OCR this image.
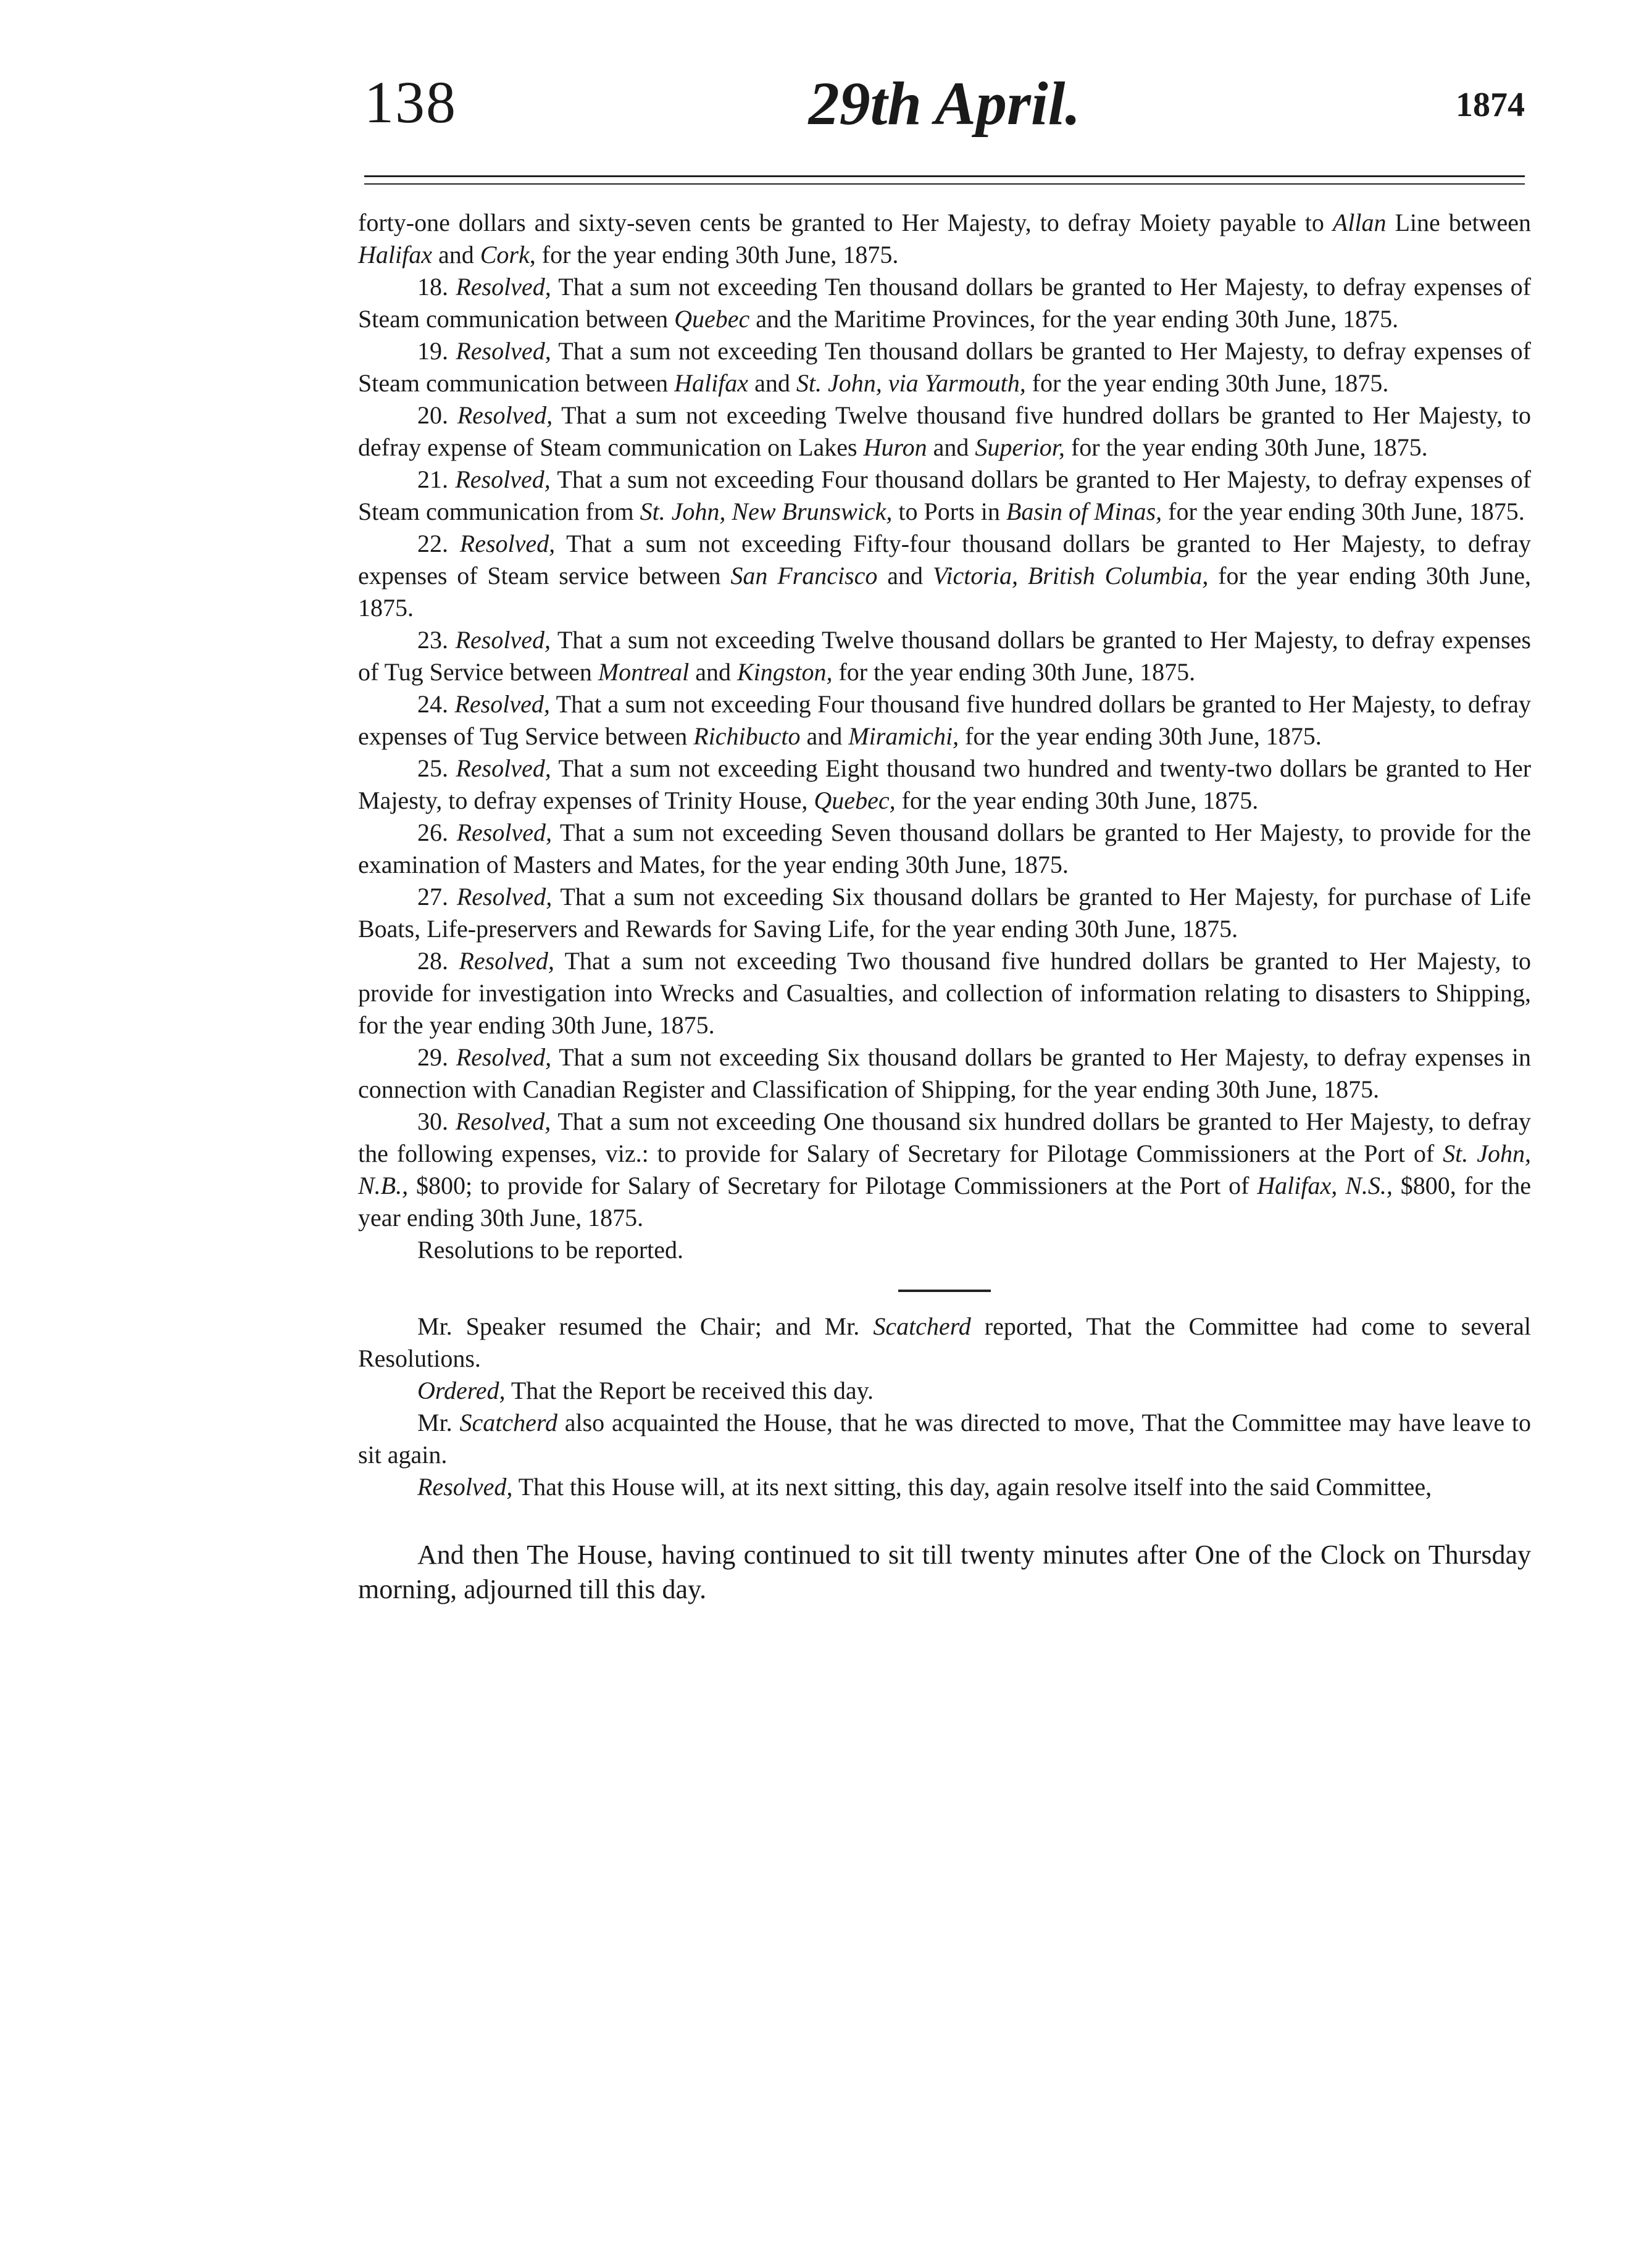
138	29th April.	1874

forty-one dollars and sixty-seven cents be granted to Her Majesty, to defray Moiety payable to Allan Line between Halifax and Cork, for the year ending 30th June, 1875.

18. Resolved, That a sum not exceeding Ten thousand dollars be granted to Her Majesty, to defray expenses of Steam communication between Quebec and the Maritime Provinces, for the year ending 30th June, 1875.

19. Resolved, That a sum not exceeding Ten thousand dollars be granted to Her Majesty, to defray expenses of Steam communication between Halifax and St. John, via Yarmouth, for the year ending 30th June, 1875.

20. Resolved, That a sum not exceeding Twelve thousand five hundred dollars be granted to Her Majesty, to defray expense of Steam communication on Lakes Huron and Superior, for the year ending 30th June, 1875.

21. Resolved, That a sum not exceeding Four thousand dollars be granted to Her Majesty, to defray expenses of Steam communication from St. John, New Brunswick, to Ports in Basin of Minas, for the year ending 30th June, 1875.

22. Resolved, That a sum not exceeding Fifty-four thousand dollars be granted to Her Majesty, to defray expenses of Steam service between San Francisco and Victoria, British Columbia, for the year ending 30th June, 1875.

23. Resolved, That a sum not exceeding Twelve thousand dollars be granted to Her Majesty, to defray expenses of Tug Service between Montreal and Kingston, for the year ending 30th June, 1875.

24. Resolved, That a sum not exceeding Four thousand five hundred dollars be granted to Her Majesty, to defray expenses of Tug Service between Richibucto and Miramichi, for the year ending 30th June, 1875.

25. Resolved, That a sum not exceeding Eight thousand two hundred and twenty-two dollars be granted to Her Majesty, to defray expenses of Trinity House, Quebec, for the year ending 30th June, 1875.

26. Resolved, That a sum not exceeding Seven thousand dollars be granted to Her Majesty, to provide for the examination of Masters and Mates, for the year ending 30th June, 1875.

27. Resolved, That a sum not exceeding Six thousand dollars be granted to Her Majesty, for purchase of Life Boats, Life-preservers and Rewards for Saving Life, for the year ending 30th June, 1875.

28. Resolved, That a sum not exceeding Two thousand five hundred dollars be granted to Her Majesty, to provide for investigation into Wrecks and Casualties, and collection of information relating to disasters to Shipping, for the year ending 30th June, 1875.

29. Resolved, That a sum not exceeding Six thousand dollars be granted to Her Majesty, to defray expenses in connection with Canadian Register and Classification of Shipping, for the year ending 30th June, 1875.

30. Resolved, That a sum not exceeding One thousand six hundred dollars be granted to Her Majesty, to defray the following expenses, viz.: to provide for Salary of Secretary for Pilotage Commissioners at the Port of St. John, N.B., $800; to provide for Salary of Secretary for Pilotage Commissioners at the Port of Halifax, N.S., $800, for the year ending 30th June, 1875.

Resolutions to be reported.

Mr. Speaker resumed the Chair; and Mr. Scatcherd reported, That the Committee had come to several Resolutions.

Ordered, That the Report be received this day.

Mr. Scatcherd also acquainted the House, that he was directed to move, That the Committee may have leave to sit again.

Resolved, That this House will, at its next sitting, this day, again resolve itself into the said Committee,

And then The House, having continued to sit till twenty minutes after One of the Clock on Thursday morning, adjourned till this day.
